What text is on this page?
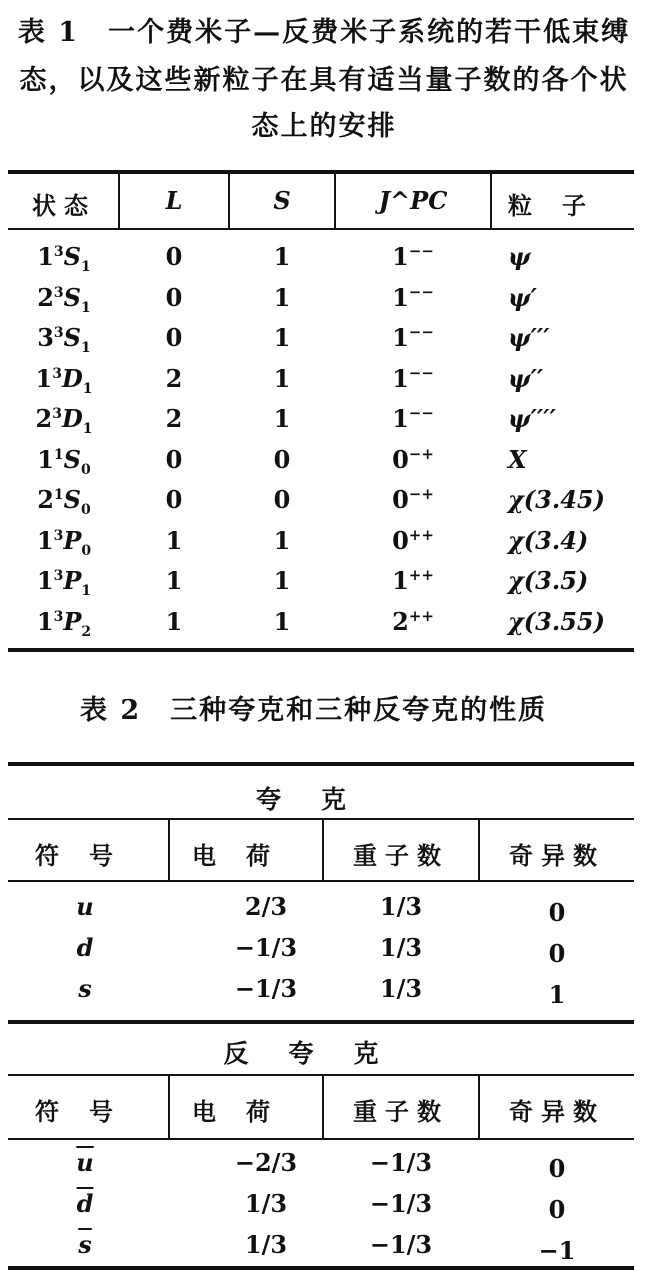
表 1　一个费米子—反费米子系统的若干低束缚
态，以及这些新粒子在具有适当量子数的各个状
态上的安排
状态	L	S	J^PC	粒子
$1^3S_1$	0	1	1−−	ψ
$2^3S_1$	0	1	1−−	ψ′
$3^3S_1$	0	1	1−−	ψ′′′
$1^3D_1$	2	1	1−−	ψ′′
$2^3D_1$	2	1	1−−	ψ′′′′
$1^1S_0$	0	0	0−+	X
$2^1S_0$	0	0	0−+	χ(3.45)
$1^3P_0$	1	1	0++	χ(3.4)
$1^3P_1$	1	1	1++	χ(3.5)
$1^3P_2$	1	1	2++	χ(3.55)
表 2　三种夸克和三种反夸克的性质
夸克
符号	电荷	重子数	奇异数
u	2/3	1/3	0
d	−1/3	1/3	0
s	−1/3	1/3	1
反夸克
符号	电荷	重子数	奇异数
$\overline{u}$	−2/3	−1/3	0
$\overline{d}$	1/3	−1/3	0
$\overline{s}$	1/3	−1/3	−1
